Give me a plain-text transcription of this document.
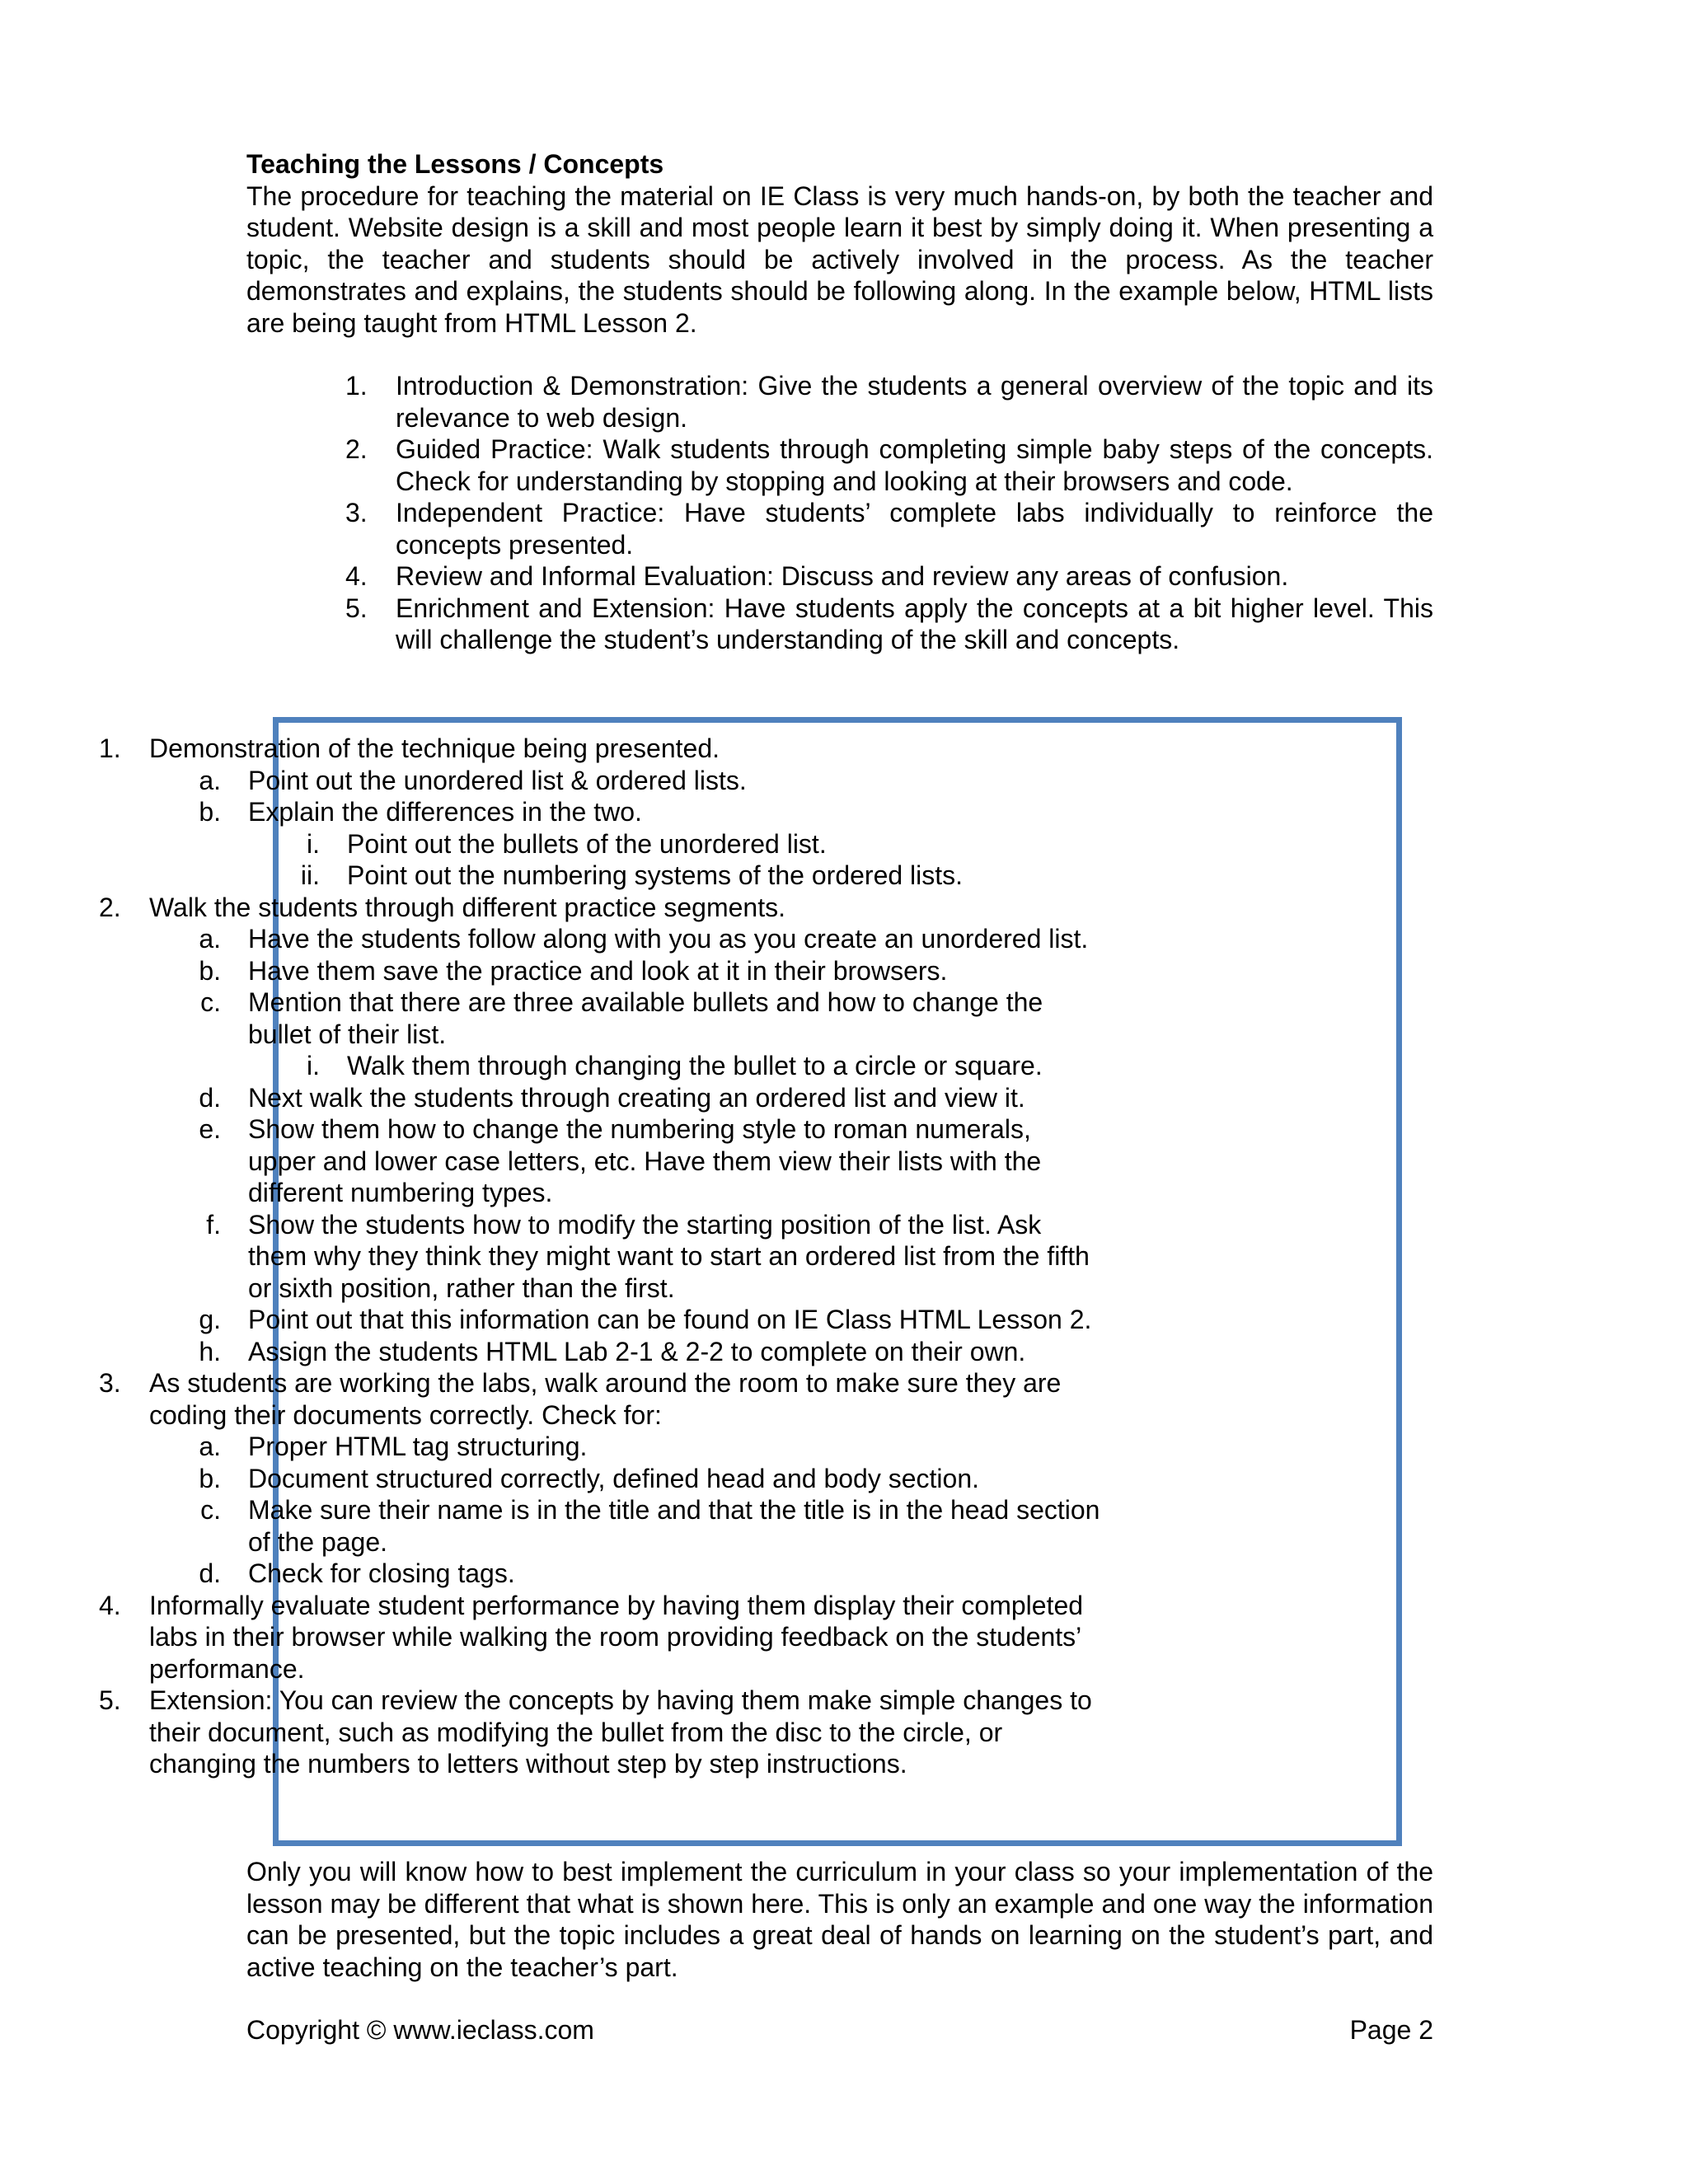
Teaching the Lessons / Concepts

The procedure for teaching the material on IE Class is very much hands-on, by both the teacher and student. Website design is a skill and most people learn it best by simply doing it. When presenting a topic, the teacher and students should be actively involved in the process. As the teacher demonstrates and explains, the students should be following along. In the example below, HTML lists are being taught from HTML Lesson 2.

1. Introduction & Demonstration: Give the students a general overview of the topic and its relevance to web design.
2. Guided Practice: Walk students through completing simple baby steps of the concepts. Check for understanding by stopping and looking at their browsers and code.
3. Independent Practice: Have students’ complete labs individually to reinforce the concepts presented.
4. Review and Informal Evaluation: Discuss and review any areas of confusion.
5. Enrichment and Extension: Have students apply the concepts at a bit higher level. This will challenge the student’s understanding of the skill and concepts.
1. Demonstration of the technique being presented.
a. Point out the unordered list & ordered lists.
b. Explain the differences in the two.
i. Point out the bullets of the unordered list.
ii. Point out the numbering systems of the ordered lists.
2. Walk the students through different practice segments.
a. Have the students follow along with you as you create an unordered list.
b. Have them save the practice and look at it in their browsers.
c. Mention that there are three available bullets and how to change the
bullet of their list.
i. Walk them through changing the bullet to a circle or square.
d. Next walk the students through creating an ordered list and view it.
e. Show them how to change the numbering style to roman numerals,
upper and lower case letters, etc. Have them view their lists with the
different numbering types.
f. Show the students how to modify the starting position of the list. Ask
them why they think they might want to start an ordered list from the fifth
or sixth position, rather than the first.
g. Point out that this information can be found on IE Class HTML Lesson 2.
h. Assign the students HTML Lab 2-1 & 2-2 to complete on their own.
3. As students are working the labs, walk around the room to make sure they are
coding their documents correctly. Check for:
a. Proper HTML tag structuring.
b. Document structured correctly, defined head and body section.
c. Make sure their name is in the title and that the title is in the head section
of the page.
d. Check for closing tags.
4. Informally evaluate student performance by having them display their completed
labs in their browser while walking the room providing feedback on the students’
performance.
5. Extension: You can review the concepts by having them make simple changes to
their document, such as modifying the bullet from the disc to the circle, or
changing the numbers to letters without step by step instructions.

Only you will know how to best implement the curriculum in your class so your implementation of the lesson may be different that what is shown here. This is only an example and one way the information can be presented, but the topic includes a great deal of hands on learning on the student’s part, and active teaching on the teacher’s part.

Copyright © www.ieclass.com	Page 2
